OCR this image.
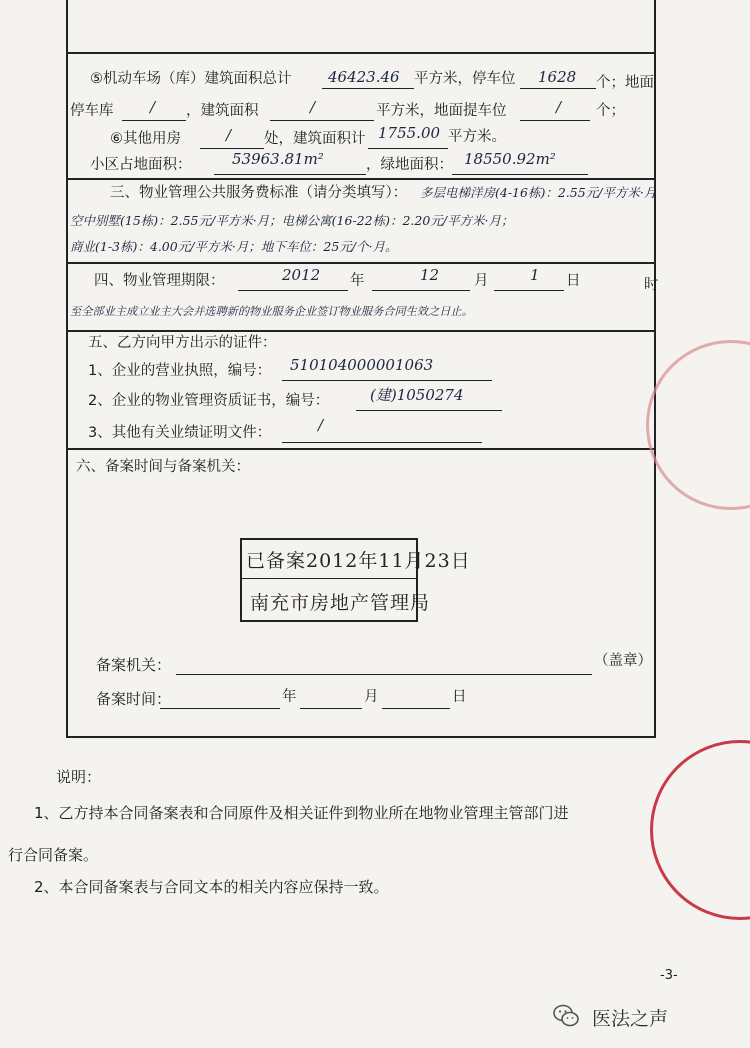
⑤机动车场（库）建筑面积总计 46423.46 平方米，停车位 1628 个；地面
停车库 / ，建筑面积	/	平方米，地面提车位	/ 个；
⑥其他用房	/ 处，建筑面积计 1755.00 平方米。
小区占地面积：	53963.81m²	，绿地面积： 18550.92m²
三、物业管理公共服务费标准（请分类填写）： 多层电梯洋房(4-16栋)：2.55元/平方米·月
空中别墅(15栋)：2.55元/平方米·月；电梯公寓(16-22栋)：2.20元/平方米·月；
商业(1-3栋)：4.00元/平方米·月；地下车位：25元/个·月。
四、物业管理期限：	2012 年	12 月	1 日	时
至全部业主成立业主大会并选聘新的物业服务企业签订物业服务合同生效之日止。
五、乙方向甲方出示的证件：
1、企业的营业执照，编号： 510104000001063
2、企业的物业管理资质证书，编号：	(建)1050274
3、其他有关业绩证明文件：	/
六、备案时间与备案机关：
已备案2012年11月23日
南充市房地产管理局
备案机关：	（盖章）
备案时间：	年	月	日
说明：
1、乙方持本合同备案表和合同原件及相关证件到物业所在地物业管理主管部门进
行合同备案。
2、本合同备案表与合同文本的相关内容应保持一致。
-3-
医法之声
